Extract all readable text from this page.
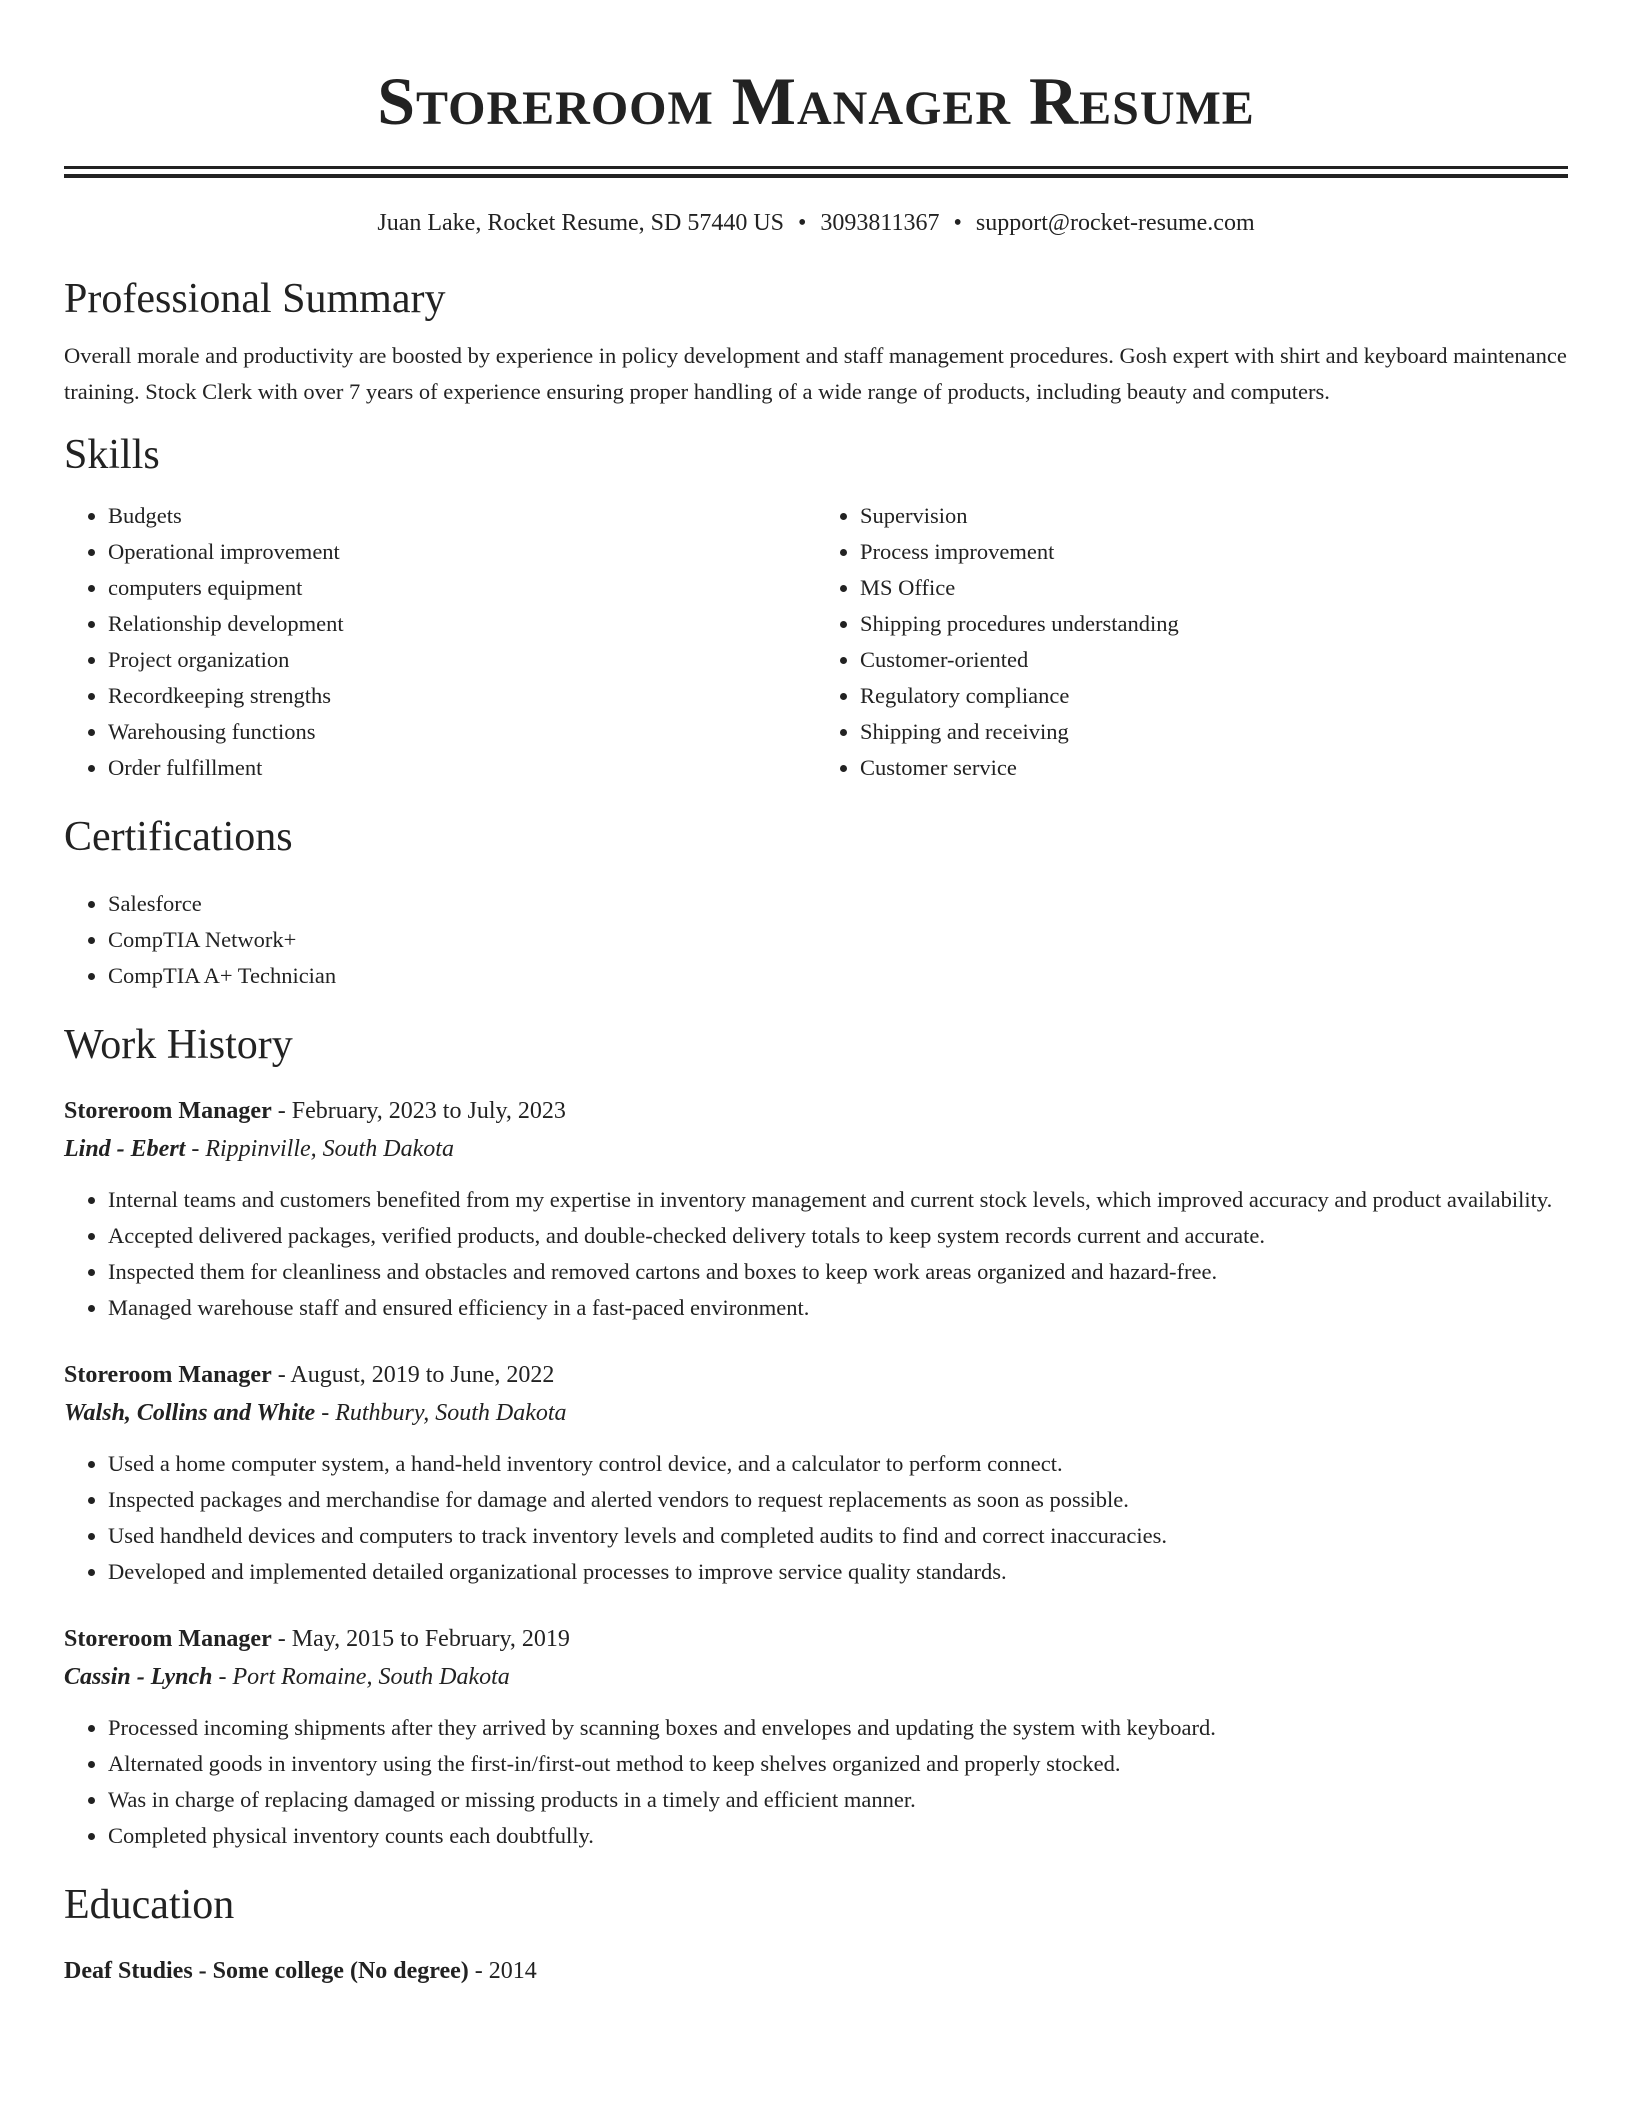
Storeroom Manager Resume
Juan Lake, Rocket Resume, SD 57440 US • 3093811367 • support@rocket-resume.com
Professional Summary

Overall morale and productivity are boosted by experience in policy development and staff management procedures. Gosh expert with shirt and keyboard maintenance training. Stock Clerk with over 7 years of experience ensuring proper handling of a wide range of products, including beauty and computers.

Skills
• Budgets
• Operational improvement
• computers equipment
• Relationship development
• Project organization
• Recordkeeping strengths
• Warehousing functions
• Order fulfillment
• Supervision
• Process improvement
• MS Office
• Shipping procedures understanding
• Customer-oriented
• Regulatory compliance
• Shipping and receiving
• Customer service
Certifications
• Salesforce
• CompTIA Network+
• CompTIA A+ Technician
Work History
Storeroom Manager - February, 2023 to July, 2023
Lind - Ebert - Rippinville, South Dakota
• Internal teams and customers benefited from my expertise in inventory management and current stock levels, which improved accuracy and product availability.
• Accepted delivered packages, verified products, and double-checked delivery totals to keep system records current and accurate.
• Inspected them for cleanliness and obstacles and removed cartons and boxes to keep work areas organized and hazard-free.
• Managed warehouse staff and ensured efficiency in a fast-paced environment.
Storeroom Manager - August, 2019 to June, 2022
Walsh, Collins and White - Ruthbury, South Dakota
• Used a home computer system, a hand-held inventory control device, and a calculator to perform connect.
• Inspected packages and merchandise for damage and alerted vendors to request replacements as soon as possible.
• Used handheld devices and computers to track inventory levels and completed audits to find and correct inaccuracies.
• Developed and implemented detailed organizational processes to improve service quality standards.
Storeroom Manager - May, 2015 to February, 2019
Cassin - Lynch - Port Romaine, South Dakota
• Processed incoming shipments after they arrived by scanning boxes and envelopes and updating the system with keyboard.
• Alternated goods in inventory using the first-in/first-out method to keep shelves organized and properly stocked.
• Was in charge of replacing damaged or missing products in a timely and efficient manner.
• Completed physical inventory counts each doubtfully.
Education
Deaf Studies - Some college (No degree) - 2014
